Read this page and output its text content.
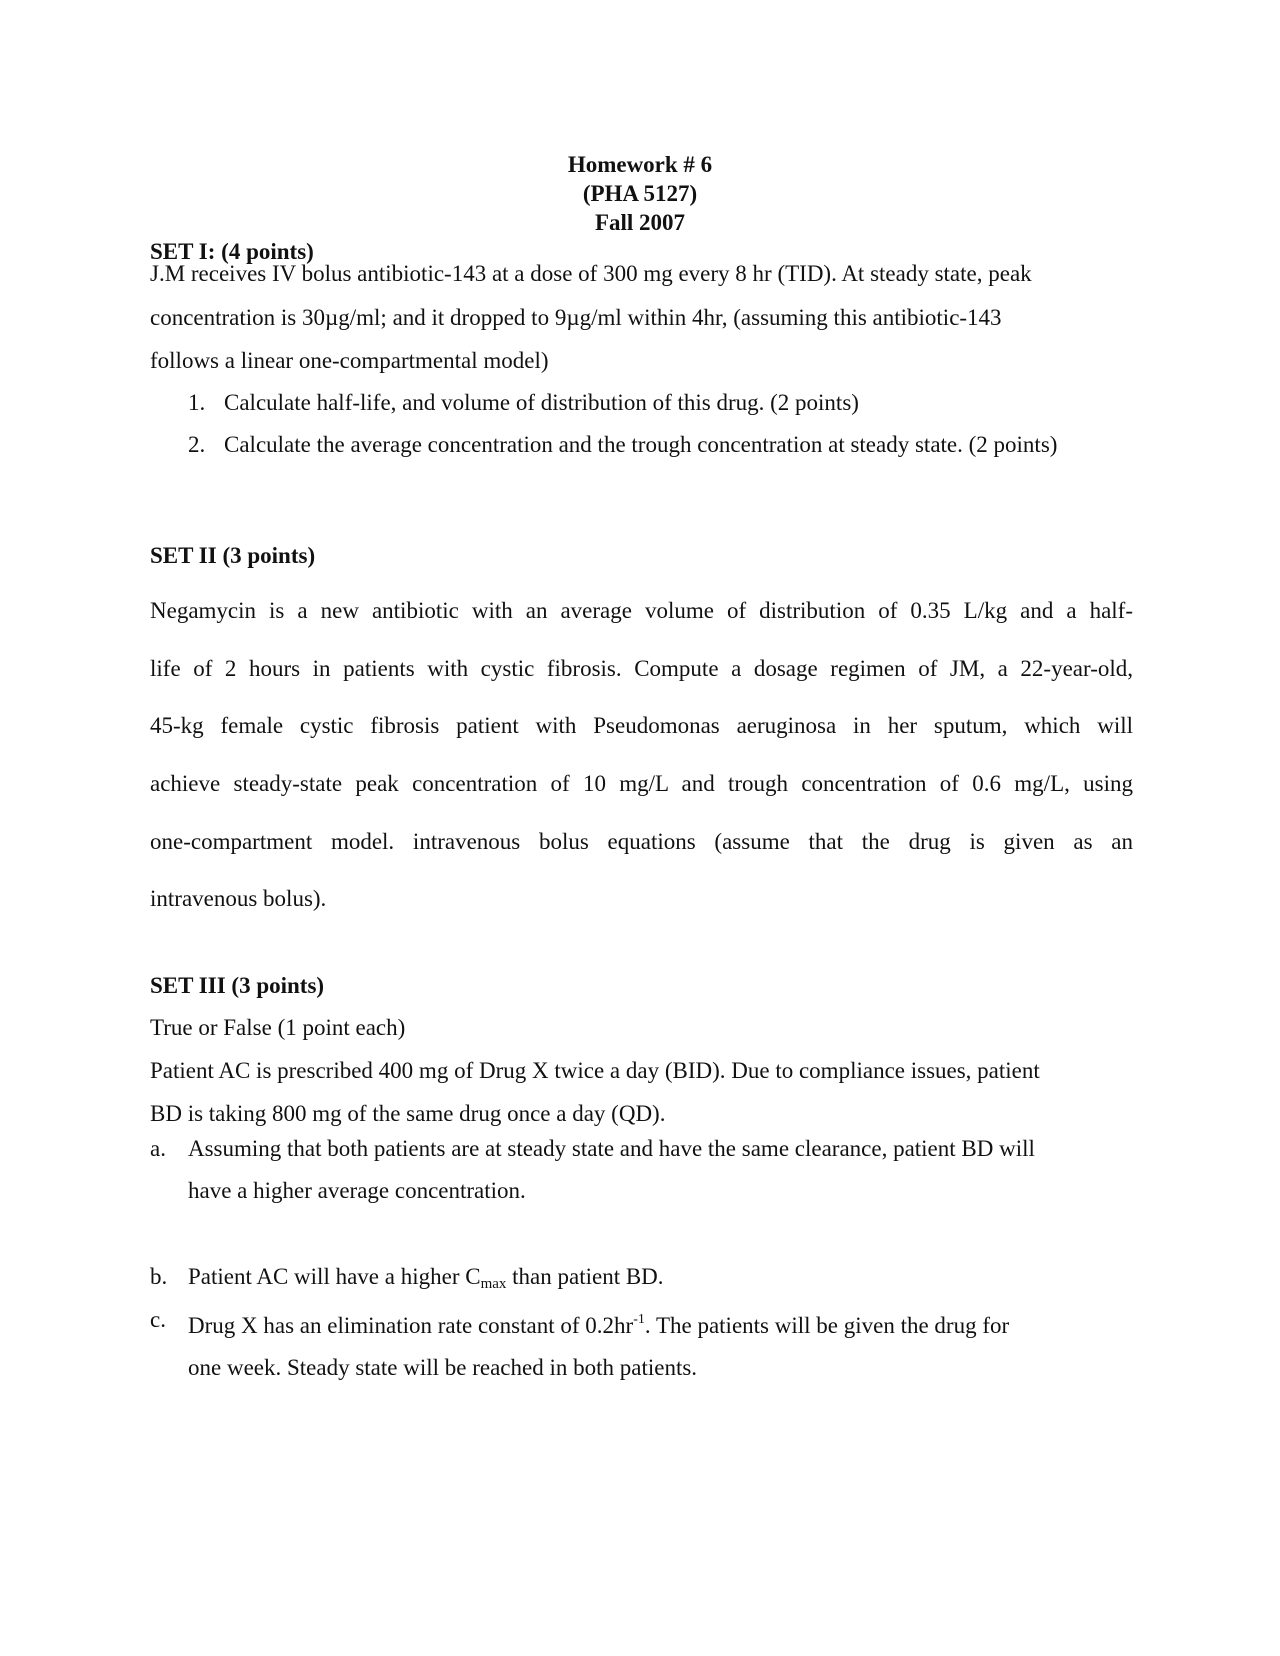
Homework # 6
(PHA 5127)
Fall 2007
SET I: (4 points)
J.M receives IV bolus antibiotic-143 at a dose of 300 mg every 8 hr (TID). At steady state, peak
concentration is 30µg/ml; and it dropped to 9µg/ml within 4hr, (assuming this antibiotic-143
follows a linear one-compartmental model)
1. Calculate half-life, and volume of distribution of this drug. (2 points)
2. Calculate the average concentration and the trough concentration at steady state. (2 points)
SET II (3 points)
Negamycin is a new antibiotic with an average volume of distribution of 0.35 L/kg and a half-
life of 2 hours in patients with cystic fibrosis. Compute a dosage regimen of JM, a 22-year-old,
45-kg female cystic fibrosis patient with Pseudomonas aeruginosa in her sputum, which will
achieve steady-state peak concentration of 10 mg/L and trough concentration of 0.6 mg/L, using
one-compartment model. intravenous bolus equations (assume that the drug is given as an
intravenous bolus).
SET III (3 points)
True or False (1 point each)
Patient AC is prescribed 400 mg of Drug X twice a day (BID). Due to compliance issues, patient
BD is taking 800 mg of the same drug once a day (QD).
a. Assuming that both patients are at steady state and have the same clearance, patient BD will
have a higher average concentration.
b. Patient AC will have a higher $C_{max}$ than patient BD.
c. Drug X has an elimination rate constant of $0.2hr^{-1}$. The patients will be given the drug for
one week. Steady state will be reached in both patients.
